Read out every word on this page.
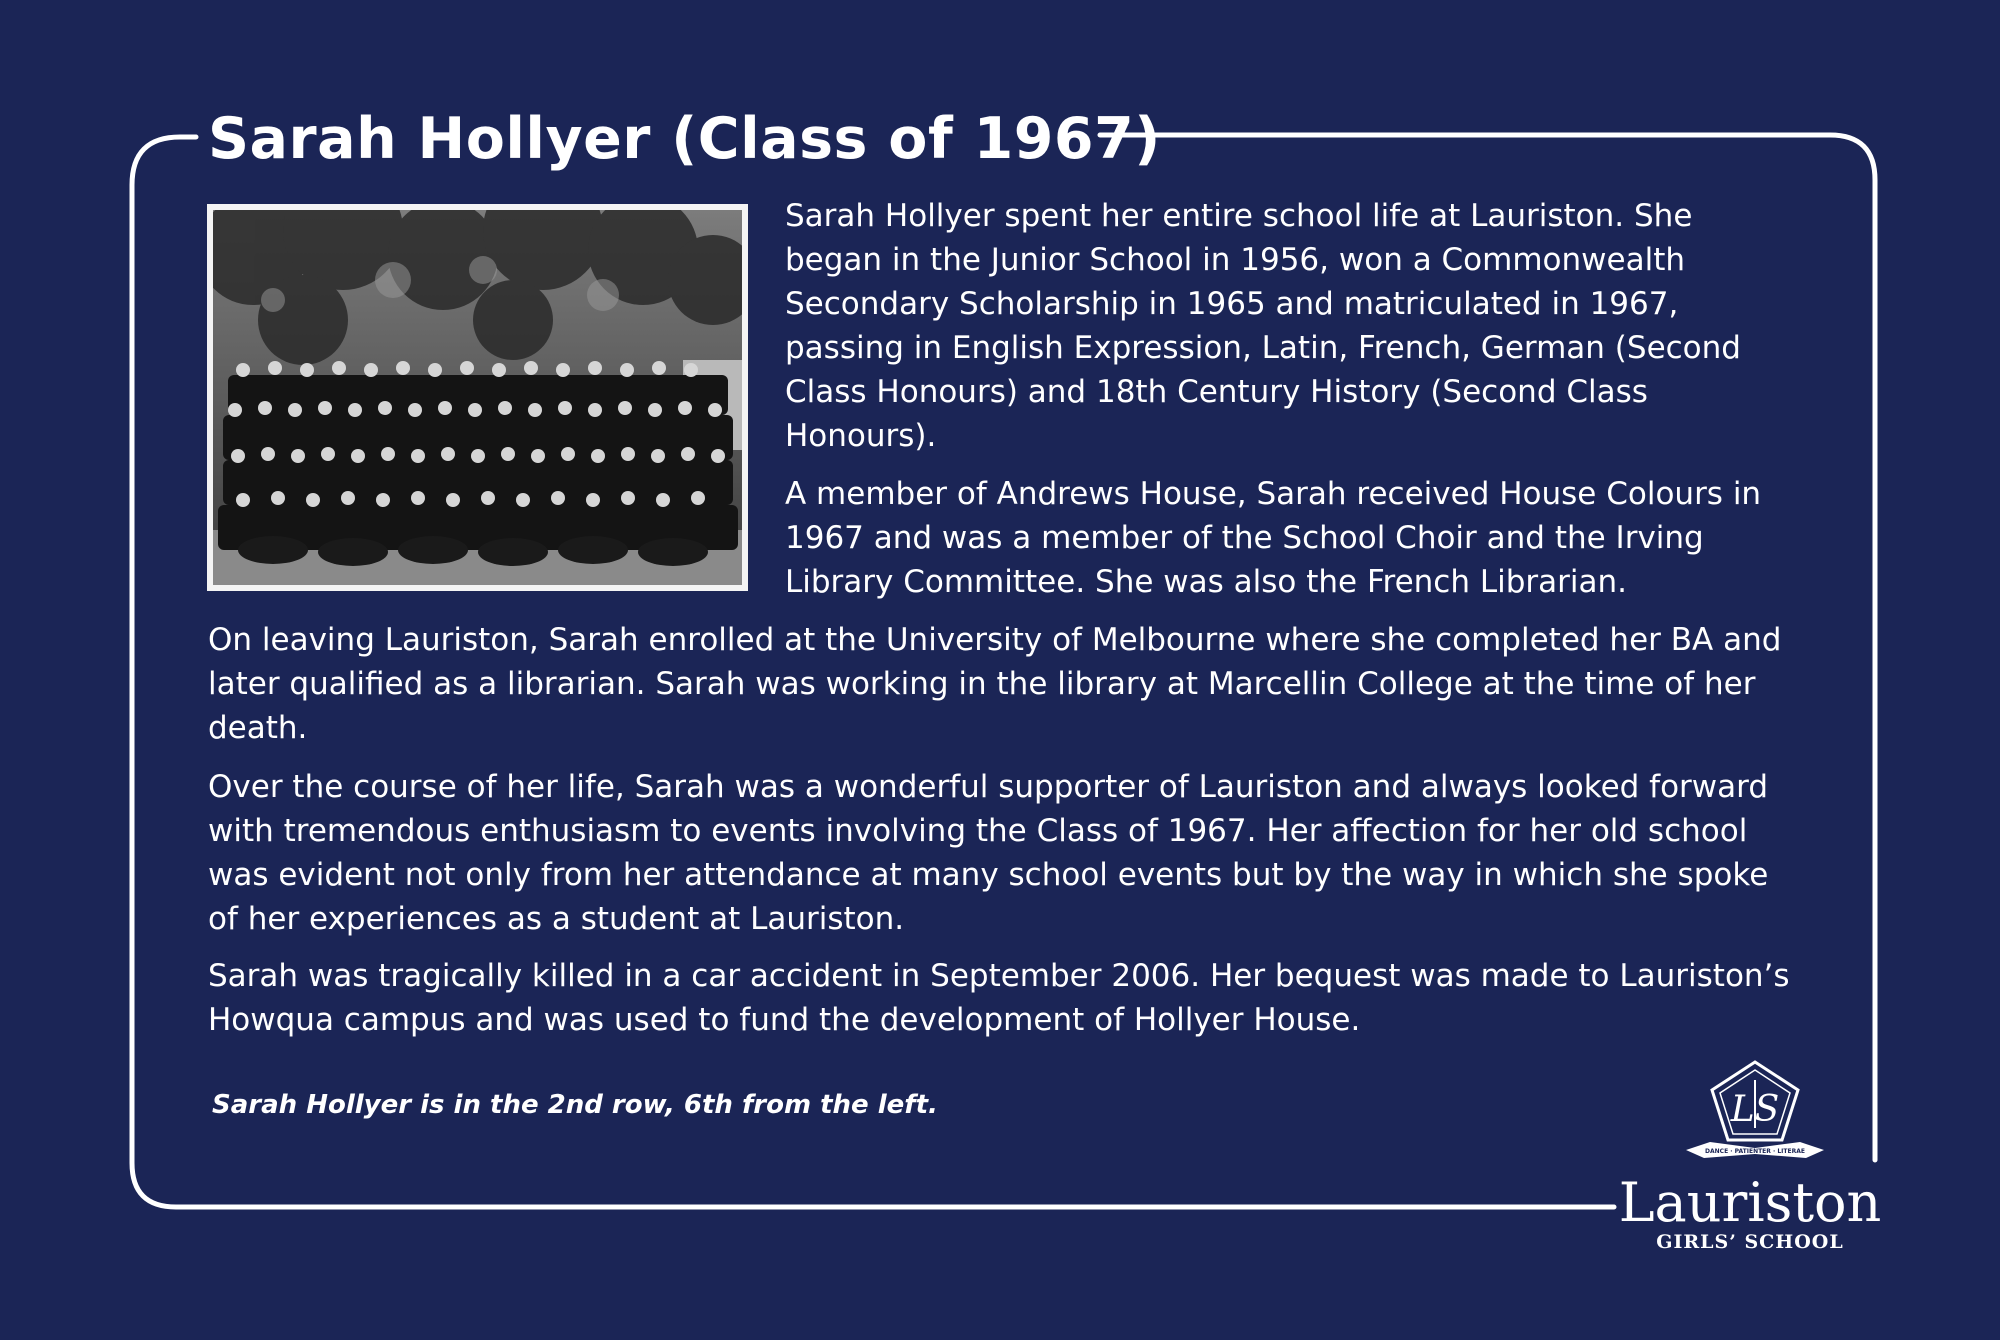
Sarah Hollyer (Class of 1967)

Sarah Hollyer spent her entire school life at Lauriston. She began in the Junior School in 1956, won a Commonwealth Secondary Scholarship in 1965 and matriculated in 1967, passing in English Expression, Latin, French, German (Second Class Honours) and 18th Century History (Second Class Honours).

A member of Andrews House, Sarah received House Colours in 1967 and was a member of the School Choir and the Irving Library Committee. She was also the French Librarian.

On leaving Lauriston, Sarah enrolled at the University of Melbourne where she completed her BA and later qualified as a librarian. Sarah was working in the library at Marcellin College at the time of her death.

Over the course of her life, Sarah was a wonderful supporter of Lauriston and always looked forward with tremendous enthusiasm to events involving the Class of 1967. Her affection for her old school was evident not only from her attendance at many school events but by the way in which she spoke of her experiences as a student at Lauriston.

Sarah was tragically killed in a car accident in September 2006. Her bequest was made to Lauriston’s Howqua campus and was used to fund the development of Hollyer House.

Sarah Hollyer is in the 2nd row, 6th from the left.	LS
DANCE · PATIENTER · LITERAE

Lauriston

GIRLS’ SCHOOL
